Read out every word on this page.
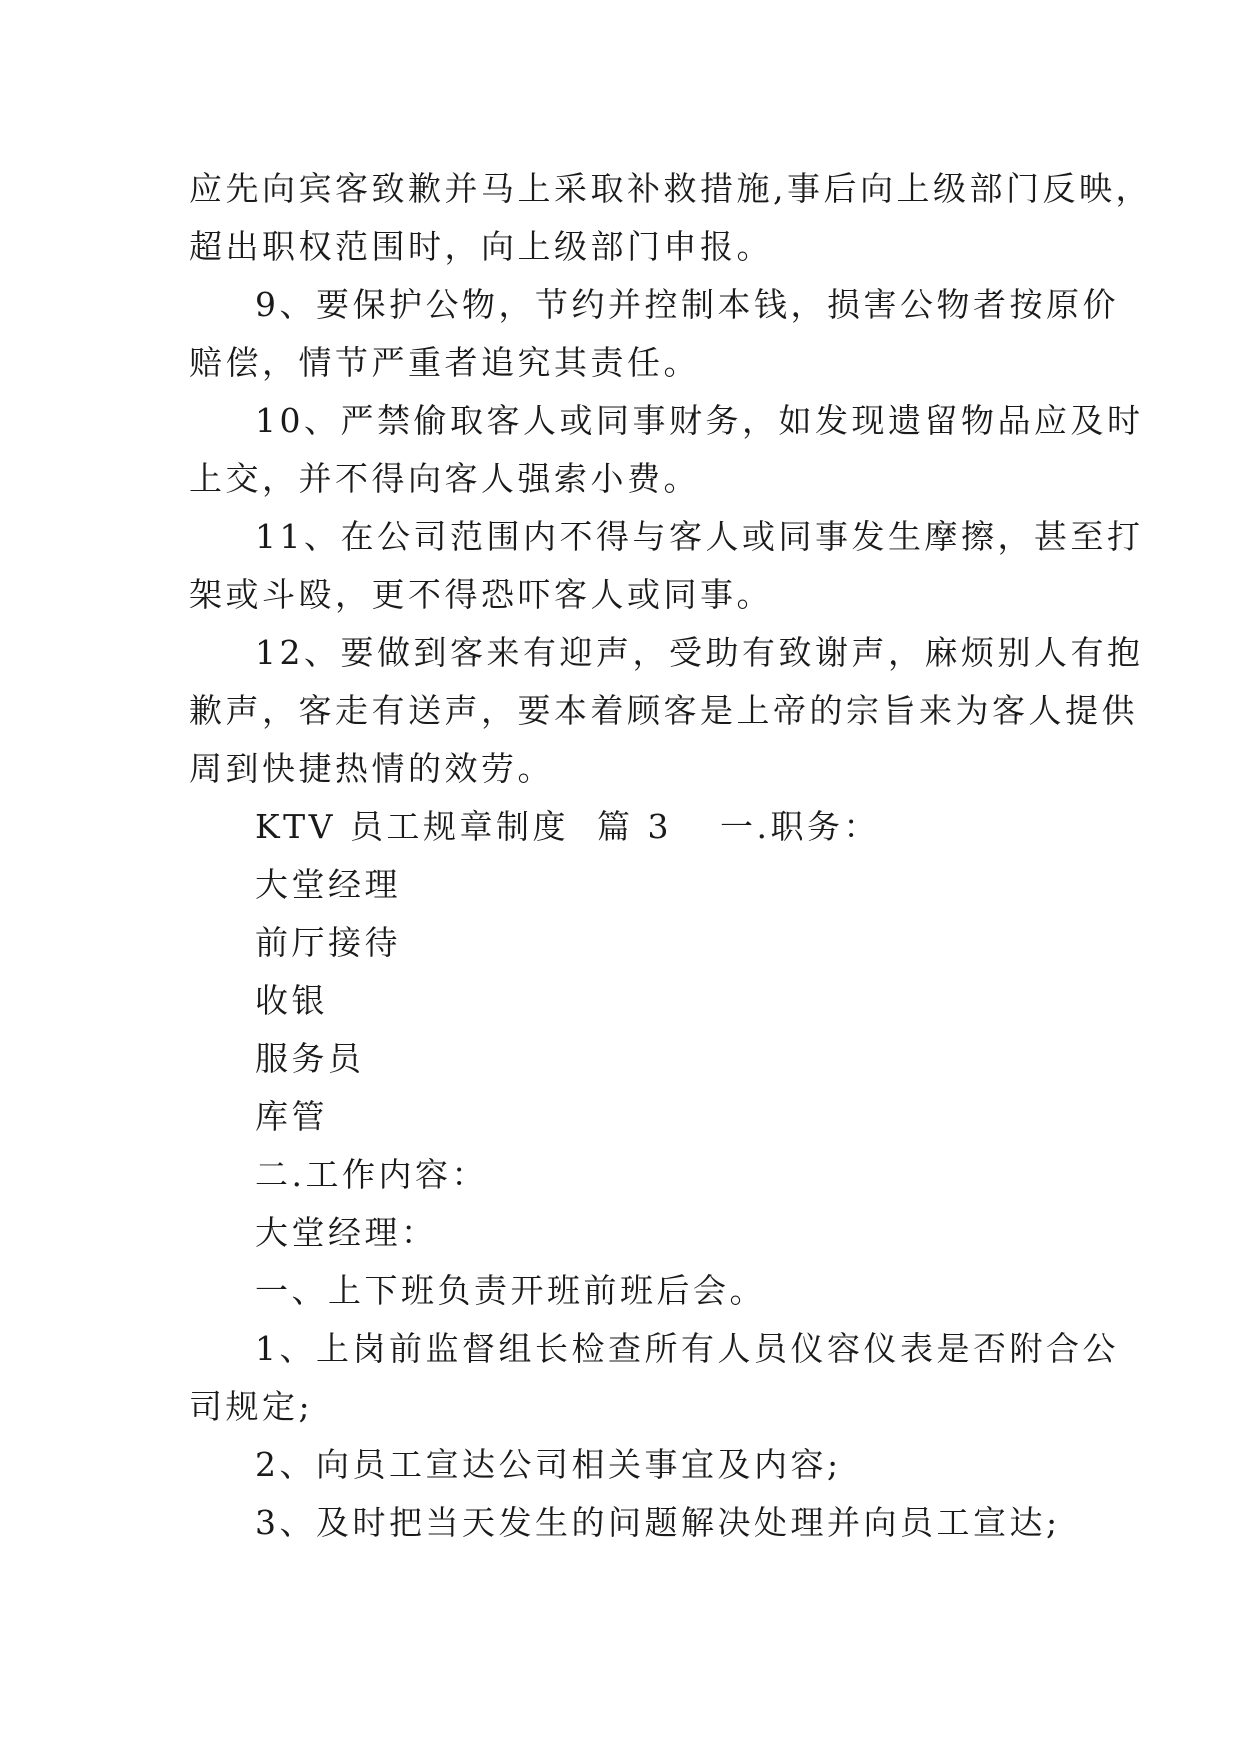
应先向宾客致歉并马上采取补救措施,事后向上级部门反映，
超出职权范围时，向上级部门申报。
9、要保护公物，节约并控制本钱，损害公物者按原价
赔偿，情节严重者追究其责任。
10、严禁偷取客人或同事财务，如发现遗留物品应及时
上交，并不得向客人强索小费。
11、在公司范围内不得与客人或同事发生摩擦，甚至打
架或斗殴，更不得恐吓客人或同事。
12、要做到客来有迎声，受助有致谢声，麻烦别人有抱
歉声，客走有送声，要本着顾客是上帝的宗旨来为客人提供
周到快捷热情的效劳。
KTV 员工规章制度  篇 3 一.职务：
大堂经理
前厅接待
收银
服务员
库管
二.工作内容：
大堂经理：
一、上下班负责开班前班后会。
1、上岗前监督组长检查所有人员仪容仪表是否附合公
司规定;
2、向员工宣达公司相关事宜及内容;
3、及时把当天发生的问题解决处理并向员工宣达;
